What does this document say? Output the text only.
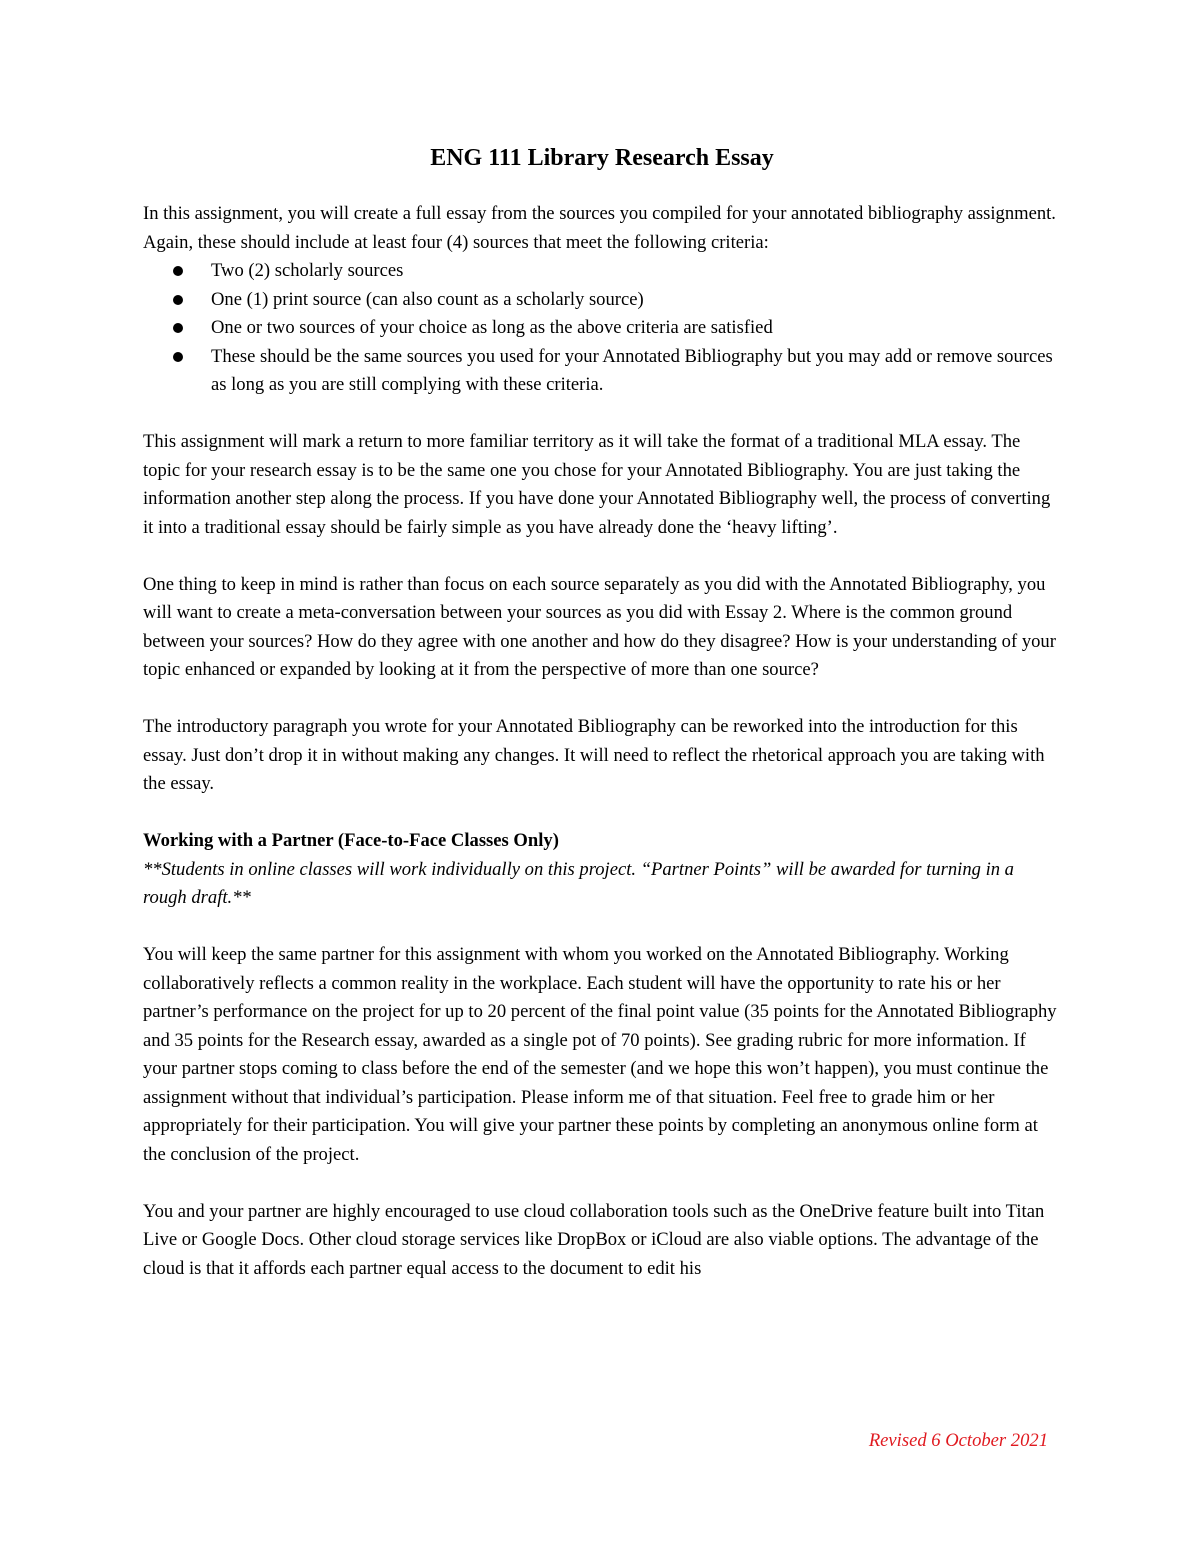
ENG 111 Library Research Essay

In this assignment, you will create a full essay from the sources you compiled for your annotated bibliography assignment. Again, these should include at least four (4) sources that meet the following criteria:

Two (2) scholarly sources
One (1) print source (can also count as a scholarly source)
One or two sources of your choice as long as the above criteria are satisfied
These should be the same sources you used for your Annotated Bibliography but you may add or remove sources as long as you are still complying with these criteria.

This assignment will mark a return to more familiar territory as it will take the format of a traditional MLA essay. The topic for your research essay is to be the same one you chose for your Annotated Bibliography. You are just taking the information another step along the process. If you have done your Annotated Bibliography well, the process of converting it into a traditional essay should be fairly simple as you have already done the ‘heavy lifting’.

One thing to keep in mind is rather than focus on each source separately as you did with the Annotated Bibliography, you will want to create a meta-conversation between your sources as you did with Essay 2. Where is the common ground between your sources? How do they agree with one another and how do they disagree? How is your understanding of your topic enhanced or expanded by looking at it from the perspective of more than one source?

The introductory paragraph you wrote for your Annotated Bibliography can be reworked into the introduction for this essay. Just don’t drop it in without making any changes. It will need to reflect the rhetorical approach you are taking with the essay.

Working with a Partner (Face-to-Face Classes Only)
**Students in online classes will work individually on this project. “Partner Points” will be awarded for turning in a rough draft.**

You will keep the same partner for this assignment with whom you worked on the Annotated Bibliography. Working collaboratively reflects a common reality in the workplace. Each student will have the opportunity to rate his or her partner’s performance on the project for up to 20 percent of the final point value (35 points for the Annotated Bibliography and 35 points for the Research essay, awarded as a single pot of 70 points). See grading rubric for more information. If your partner stops coming to class before the end of the semester (and we hope this won’t happen), you must continue the assignment without that individual’s participation. Please inform me of that situation. Feel free to grade him or her appropriately for their participation. You will give your partner these points by completing an anonymous online form at the conclusion of the project.

You and your partner are highly encouraged to use cloud collaboration tools such as the OneDrive feature built into Titan Live or Google Docs. Other cloud storage services like DropBox or iCloud are also viable options. The advantage of the cloud is that it affords each partner equal access to the document to edit his

Revised 6 October 2021
